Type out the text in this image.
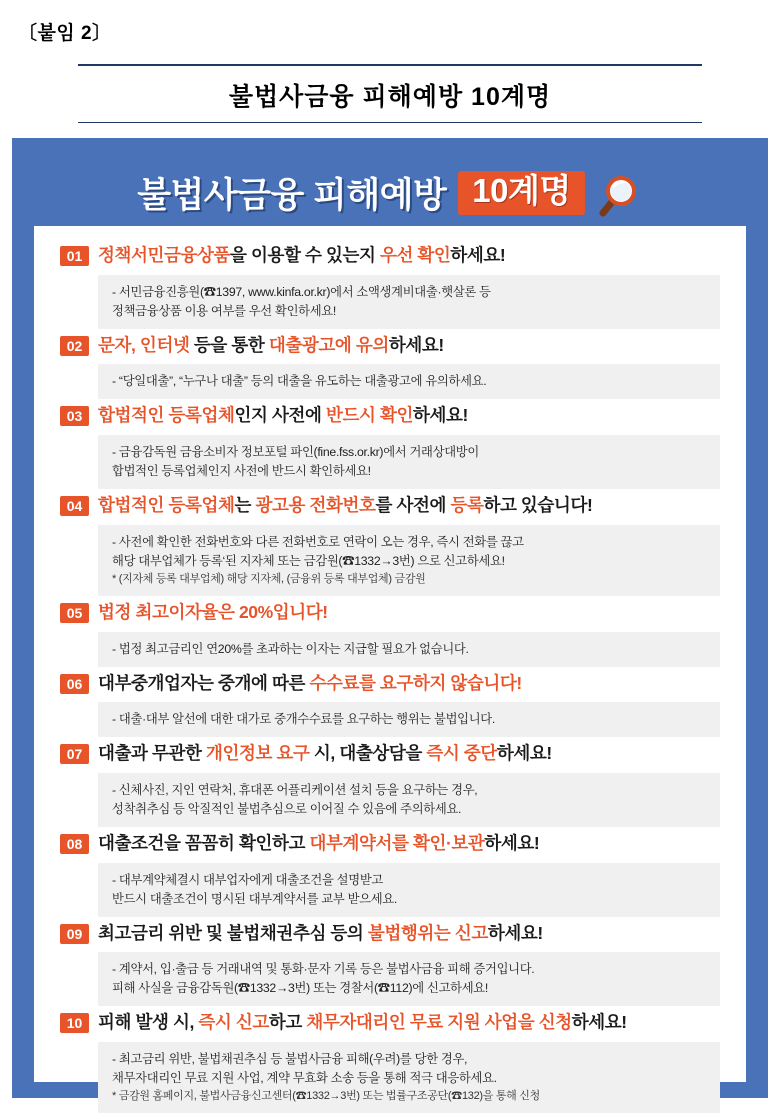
〔붙임 2〕
불법사금융 피해예방 10계명
불법사금융 피해예방 10계명
01 정책서민금융상품을 이용할 수 있는지 우선 확인하세요!
- 서민금융진흥원(☎1397, www.kinfa.or.kr)에서 소액생계비대출·햇살론 등
정책금융상품 이용 여부를 우선 확인하세요!
02 문자, 인터넷 등을 통한 대출광고에 유의하세요!
- “당일대출”, “누구나 대출” 등의 대출을 유도하는 대출광고에 유의하세요.
03 합법적인 등록업체인지 사전에 반드시 확인하세요!
- 금융감독원 금융소비자 정보포털 파인(fine.fss.or.kr)에서 거래상대방이
합법적인 등록업체인지 사전에 반드시 확인하세요!
04 합법적인 등록업체는 광고용 전화번호를 사전에 등록하고 있습니다!
- 사전에 확인한 전화번호와 다른 전화번호로 연락이 오는 경우, 즉시 전화를 끊고
해당 대부업체가 등록‘된 지자체 또는 금감원(☎1332→3번) 으로 신고하세요!
* (지자체 등록 대부업체) 해당 지자체, (금융위 등록 대부업체) 금감원
05 법정 최고이자율은 20%입니다!
- 법정 최고금리인 연20%를 초과하는 이자는 지급할 필요가 없습니다.
06 대부중개업자는 중개에 따른 수수료를 요구하지 않습니다!
- 대출·대부 알선에 대한 대가로 중개수수료를 요구하는 행위는 불법입니다.
07 대출과 무관한 개인정보 요구 시, 대출상담을 즉시 중단하세요!
- 신체사진, 지인 연락처, 휴대폰 어플리케이션 설치 등을 요구하는 경우,
성착취추심 등 악질적인 불법추심으로 이어질 수 있음에 주의하세요.
08 대출조건을 꼼꼼히 확인하고 대부계약서를 확인·보관하세요!
- 대부계약체결시 대부업자에게 대출조건을 설명받고
반드시 대출조건이 명시된 대부계약서를 교부 받으세요.
09 최고금리 위반 및 불법채권추심 등의 불법행위는 신고하세요!
- 계약서, 입·출금 등 거래내역 및 통화·문자 기록 등은 불법사금융 피해 증거입니다.
피해 사실을 금융감독원(☎1332→3번) 또는 경찰서(☎112)에 신고하세요!
10 피해 발생 시, 즉시 신고하고 채무자대리인 무료 지원 사업을 신청하세요!
- 최고금리 위반, 불법채권추심 등 불법사금융 피해(우려)를 당한 경우,
채무자대리인 무료 지원 사업, 계약 무효화 소송 등을 통해 적극 대응하세요.
* 금감원 홈페이지, 불법사금융신고센터(☎1332→3번) 또는 법률구조공단(☎132)을 통해 신청
